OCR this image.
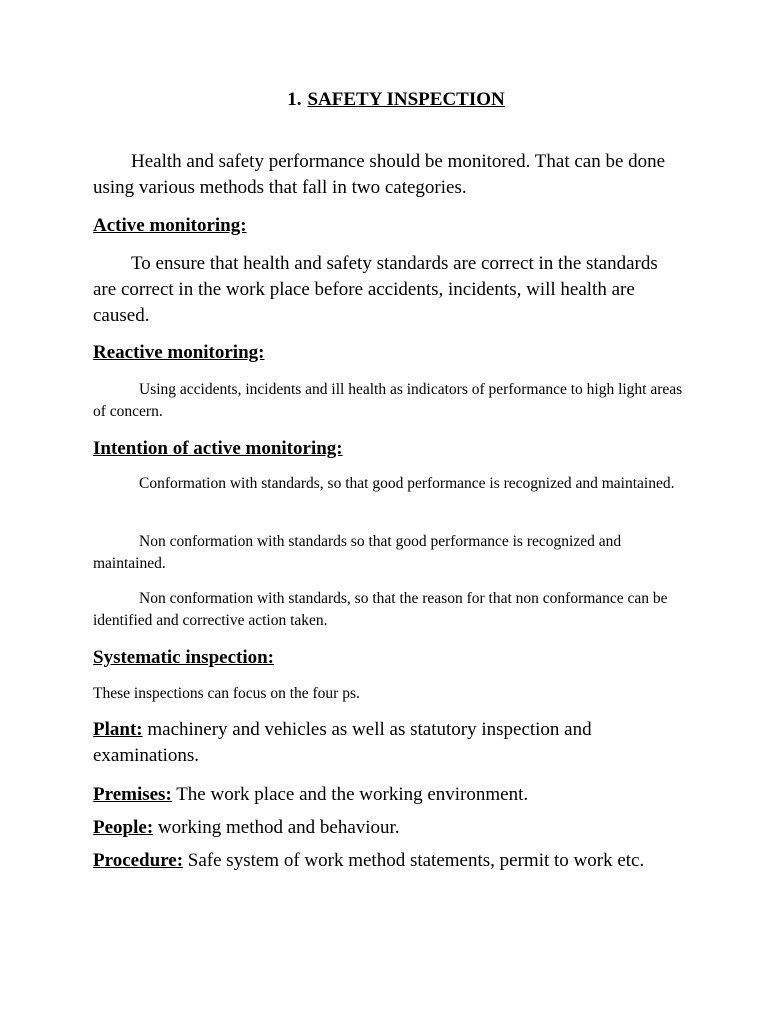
1. SAFETY INSPECTION

Health and safety performance should be monitored. That can be done using various methods that fall in two categories.

Active monitoring:

To ensure that health and safety standards are correct in the standards are correct in the work place before accidents, incidents, will health are caused.

Reactive monitoring:

Using accidents, incidents and ill health as indicators of performance to high light areas of concern.

Intention of active monitoring:

Conformation with standards, so that good performance is recognized and maintained.

Non conformation with standards so that good performance is recognized and maintained.

Non conformation with standards, so that the reason for that non conformance can be identified and corrective action taken.

Systematic inspection:

These inspections can focus on the four ps.

Plant: machinery and vehicles as well as statutory inspection and examinations.

Premises: The work place and the working environment.

People: working method and behaviour.

Procedure: Safe system of work method statements, permit to work etc.
